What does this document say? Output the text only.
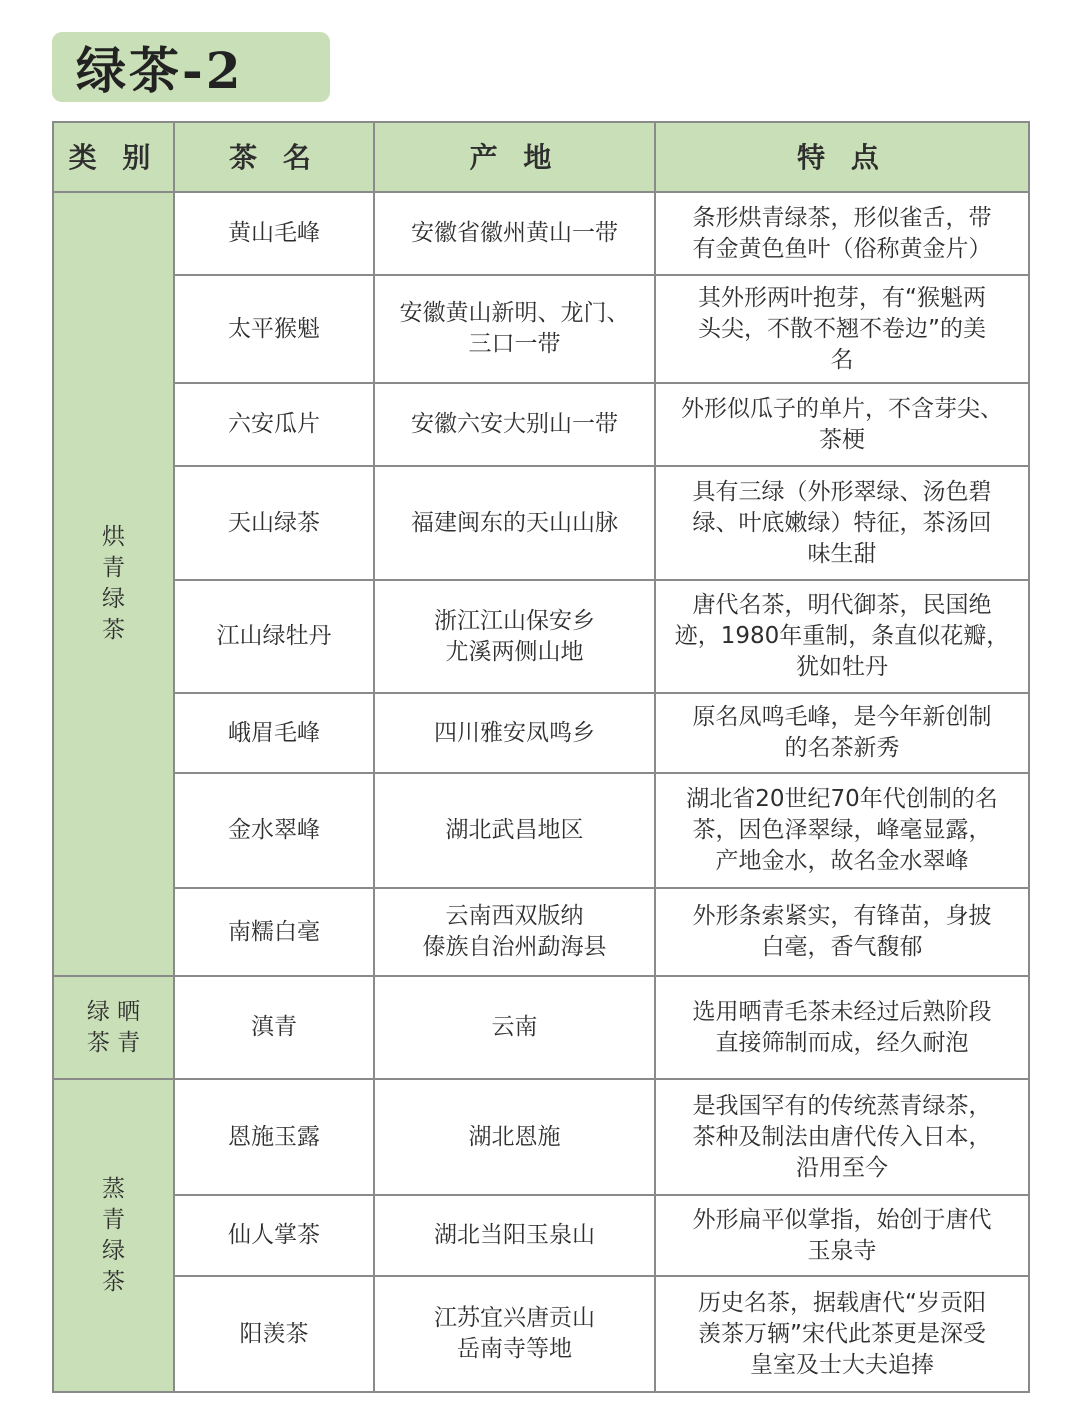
绿茶-2
类 别	茶 名	产 地	特 点

烘
青
绿
茶	黄山毛峰	安徽省徽州黄山一带	条形烘青绿茶，形似雀舌，带
有金黄色鱼叶（俗称黄金片）
	太平猴魁	安徽黄山新明、龙门、
三口一带	其外形两叶抱芽，有“猴魁两
头尖，不散不翘不卷边”的美
名
	六安瓜片	安徽六安大别山一带	外形似瓜子的单片，不含芽尖、
茶梗
	天山绿茶	福建闽东的天山山脉	具有三绿（外形翠绿、汤色碧
绿、叶底嫩绿）特征，茶汤回
味生甜
	江山绿牡丹	浙江江山保安乡
尤溪两侧山地	唐代名茶，明代御茶，民国绝
迹，1980年重制，条直似花瓣，
犹如牡丹
	峨眉毛峰	四川雅安凤鸣乡	原名凤鸣毛峰，是今年新创制
的名茶新秀
	金水翠峰	湖北武昌地区	湖北省20世纪70年代创制的名
茶，因色泽翠绿，峰毫显露，
产地金水，故名金水翠峰
	南糯白毫	云南西双版纳
傣族自治州勐海县	外形条索紧实，有锋苗，身披
白毫，香气馥郁

绿 晒
茶 青	滇青	云南	选用晒青毛茶未经过后熟阶段
直接筛制而成，经久耐泡

蒸
青
绿
茶	恩施玉露	湖北恩施	是我国罕有的传统蒸青绿茶，
茶种及制法由唐代传入日本，
沿用至今
	仙人掌茶	湖北当阳玉泉山	外形扁平似掌指，始创于唐代
玉泉寺
	阳羡茶	江苏宜兴唐贡山
岳南寺等地	历史名茶，据载唐代“岁贡阳
羡茶万辆”宋代此茶更是深受
皇室及士大夫追捧
